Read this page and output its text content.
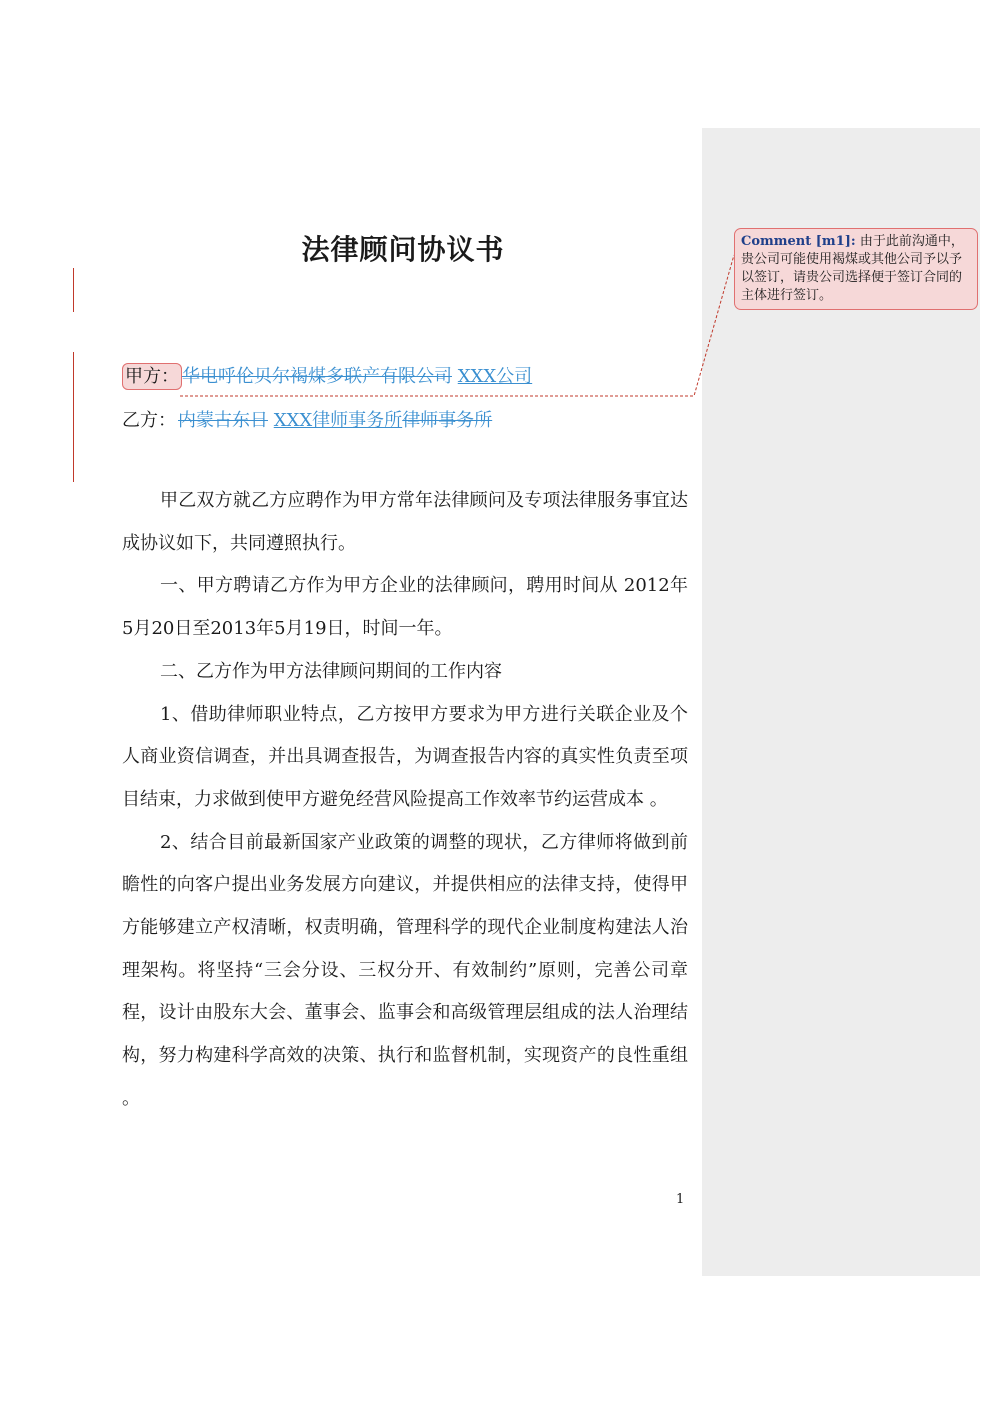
法律顾问协议书
甲方： 华电呼伦贝尔褐煤多联产有限公司 XXX公司
乙方： 内蒙古东日 XXX律师事务所律师事务所

甲乙双方就乙方应聘作为甲方常年法律顾问及专项法律服务事宜达成协议如下，共同遵照执行。

一、甲方聘请乙方作为甲方企业的法律顾问，聘用时间从 2012年5月20日至2013年5月19日，时间一年。

二、乙方作为甲方法律顾问期间的工作内容

1、借助律师职业特点，乙方按甲方要求为甲方进行关联企业及个人商业资信调查，并出具调查报告，为调查报告内容的真实性负责至项目结束，力求做到使甲方避免经营风险提高工作效率节约运营成本 。

2、结合目前最新国家产业政策的调整的现状，乙方律师将做到前瞻性的向客户提出业务发展方向建议，并提供相应的法律支持，使得甲方能够建立产权清晰，权责明确，管理科学的现代企业制度构建法人治理架构。将坚持“三会分设、三权分开、有效制约”原则，完善公司章程，设计由股东大会、董事会、监事会和高级管理层组成的法人治理结构，努力构建科学高效的决策、执行和监督机制，实现资产的良性重组 。

1
Comment [m1]: 由于此前沟通中，贵公司可能使用褐煤或其他公司予以予以签订，请贵公司选择便于签订合同的主体进行签订。
